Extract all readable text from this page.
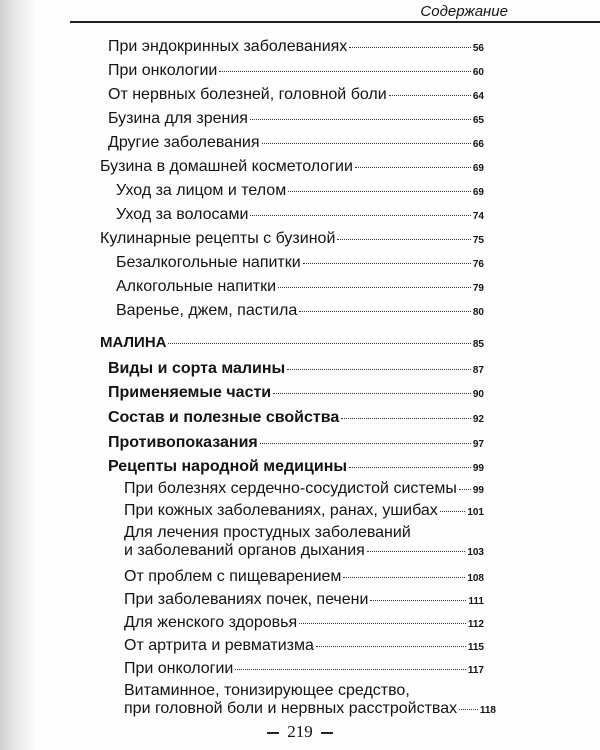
Содержание
При эндокринных заболеваниях	56
При онкологии	60
От нервных болезней, головной боли	64
Бузина для зрения	65
Другие заболевания	66
Бузина в домашней косметологии	69
Уход за лицом и телом	69
Уход за волосами	74
Кулинарные рецепты с бузиной	75
Безалкогольные напитки	76
Алкогольные напитки	79
Варенье, джем, пастила	80
МАЛИНА	85
Виды и сорта малины	87
Применяемые части	90
Состав и полезные свойства	92
Противопоказания	97
Рецепты народной медицины	99
При болезнях сердечно-сосудистой системы 99
При кожных заболеваниях, ранах, ушибах	101
Для лечения простудных заболеваний
и заболеваний органов дыхания	103
От проблем с пищеварением	108
При заболеваниях почек, печени	111
Для женского здоровья	112
От артрита и ревматизма	115
При онкологии	117
Витаминное, тонизирующее средство,
при головной боли и нервных расстройствах 118
219
